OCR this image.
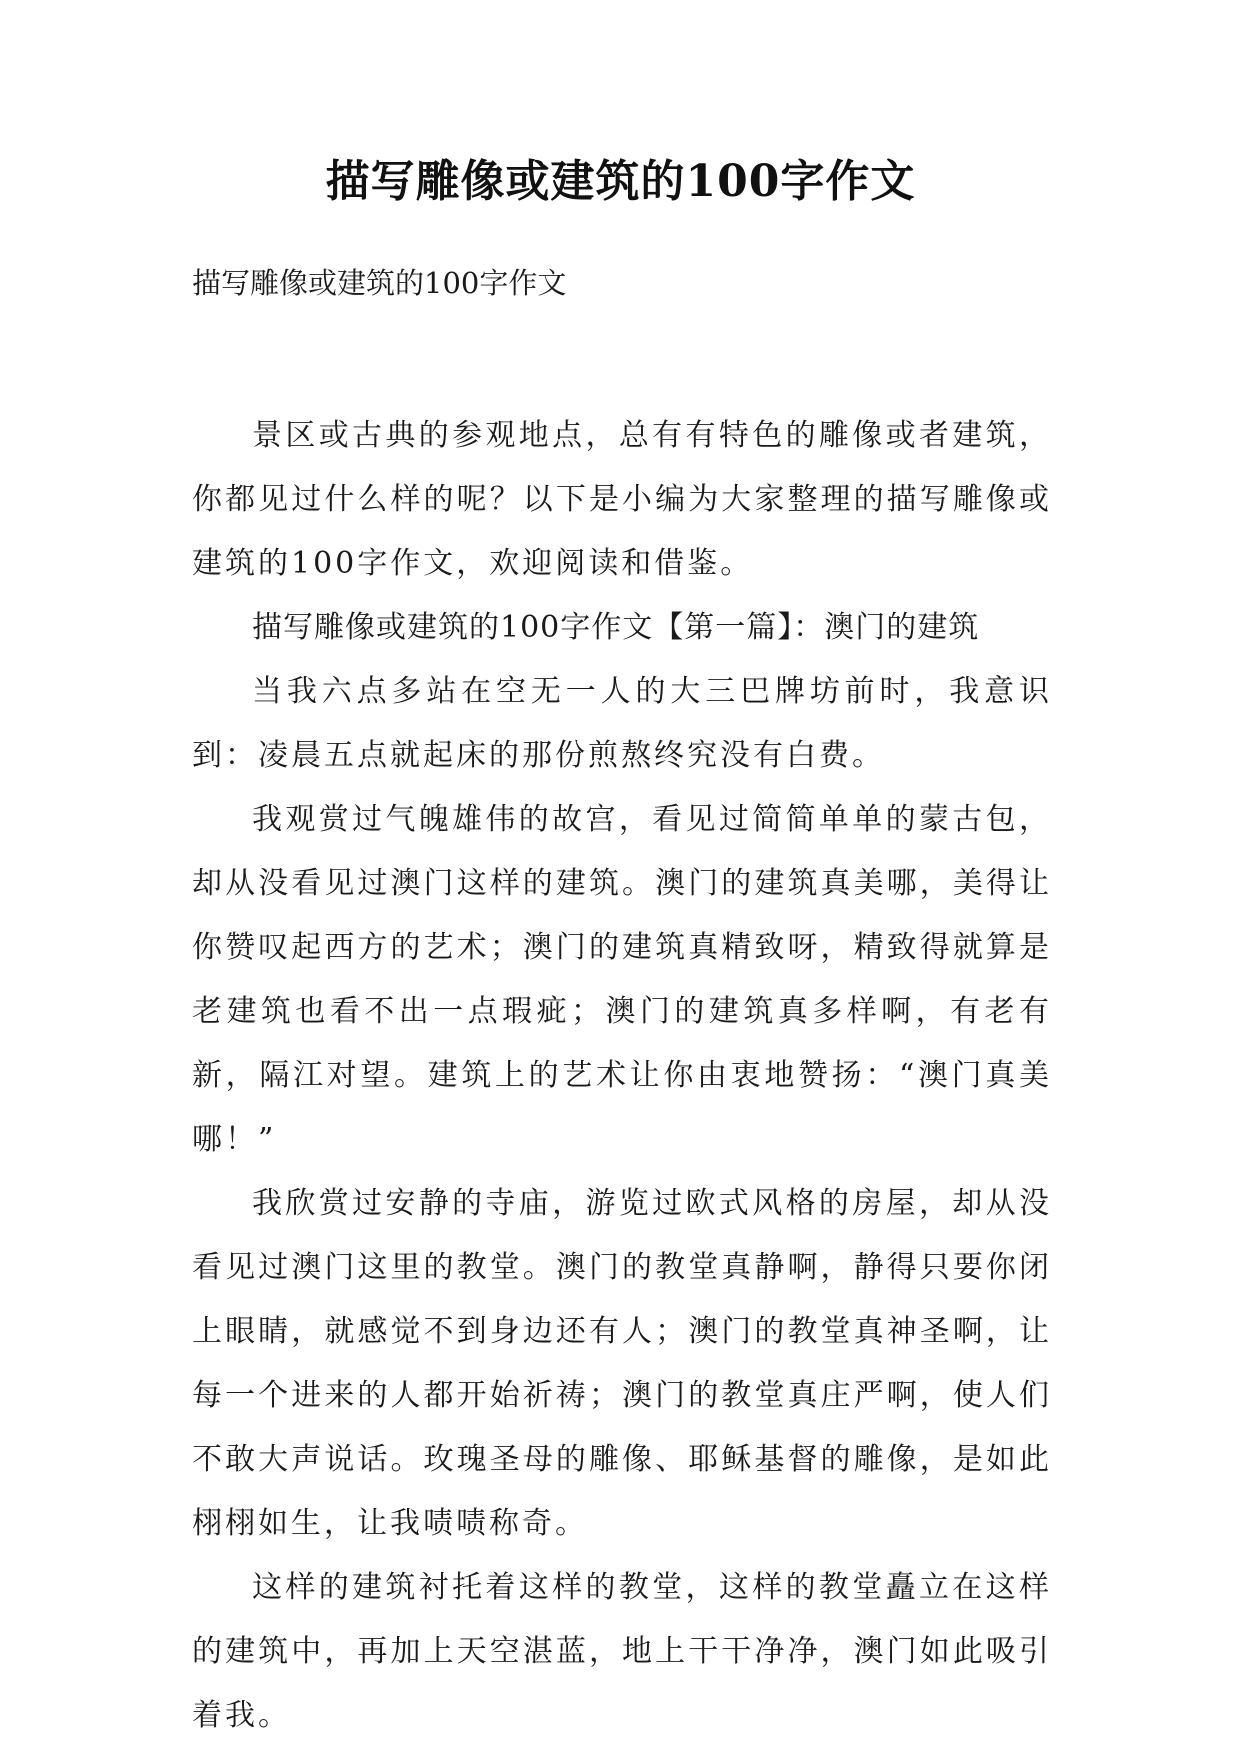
描写雕像或建筑的100字作文

描写雕像或建筑的100字作文

景区或古典的参观地点，总有有特色的雕像或者建筑，你都见过什么样的呢？以下是小编为大家整理的描写雕像或建筑的100字作文，欢迎阅读和借鉴。

描写雕像或建筑的100字作文【第一篇】：澳门的建筑

当我六点多站在空无一人的大三巴牌坊前时，我意识到：凌晨五点就起床的那份煎熬终究没有白费。

我观赏过气魄雄伟的故宫，看见过简简单单的蒙古包，却从没看见过澳门这样的建筑。澳门的建筑真美哪，美得让你赞叹起西方的艺术；澳门的建筑真精致呀，精致得就算是老建筑也看不出一点瑕疵；澳门的建筑真多样啊，有老有新，隔江对望。建筑上的艺术让你由衷地赞扬：“澳门真美哪！”

我欣赏过安静的寺庙，游览过欧式风格的房屋，却从没看见过澳门这里的教堂。澳门的教堂真静啊，静得只要你闭上眼睛，就感觉不到身边还有人；澳门的教堂真神圣啊，让每一个进来的人都开始祈祷；澳门的教堂真庄严啊，使人们不敢大声说话。玫瑰圣母的雕像、耶稣基督的雕像，是如此栩栩如生，让我啧啧称奇。

这样的建筑衬托着这样的教堂，这样的教堂矗立在这样的建筑中，再加上天空湛蓝，地上干干净净，澳门如此吸引着我。
